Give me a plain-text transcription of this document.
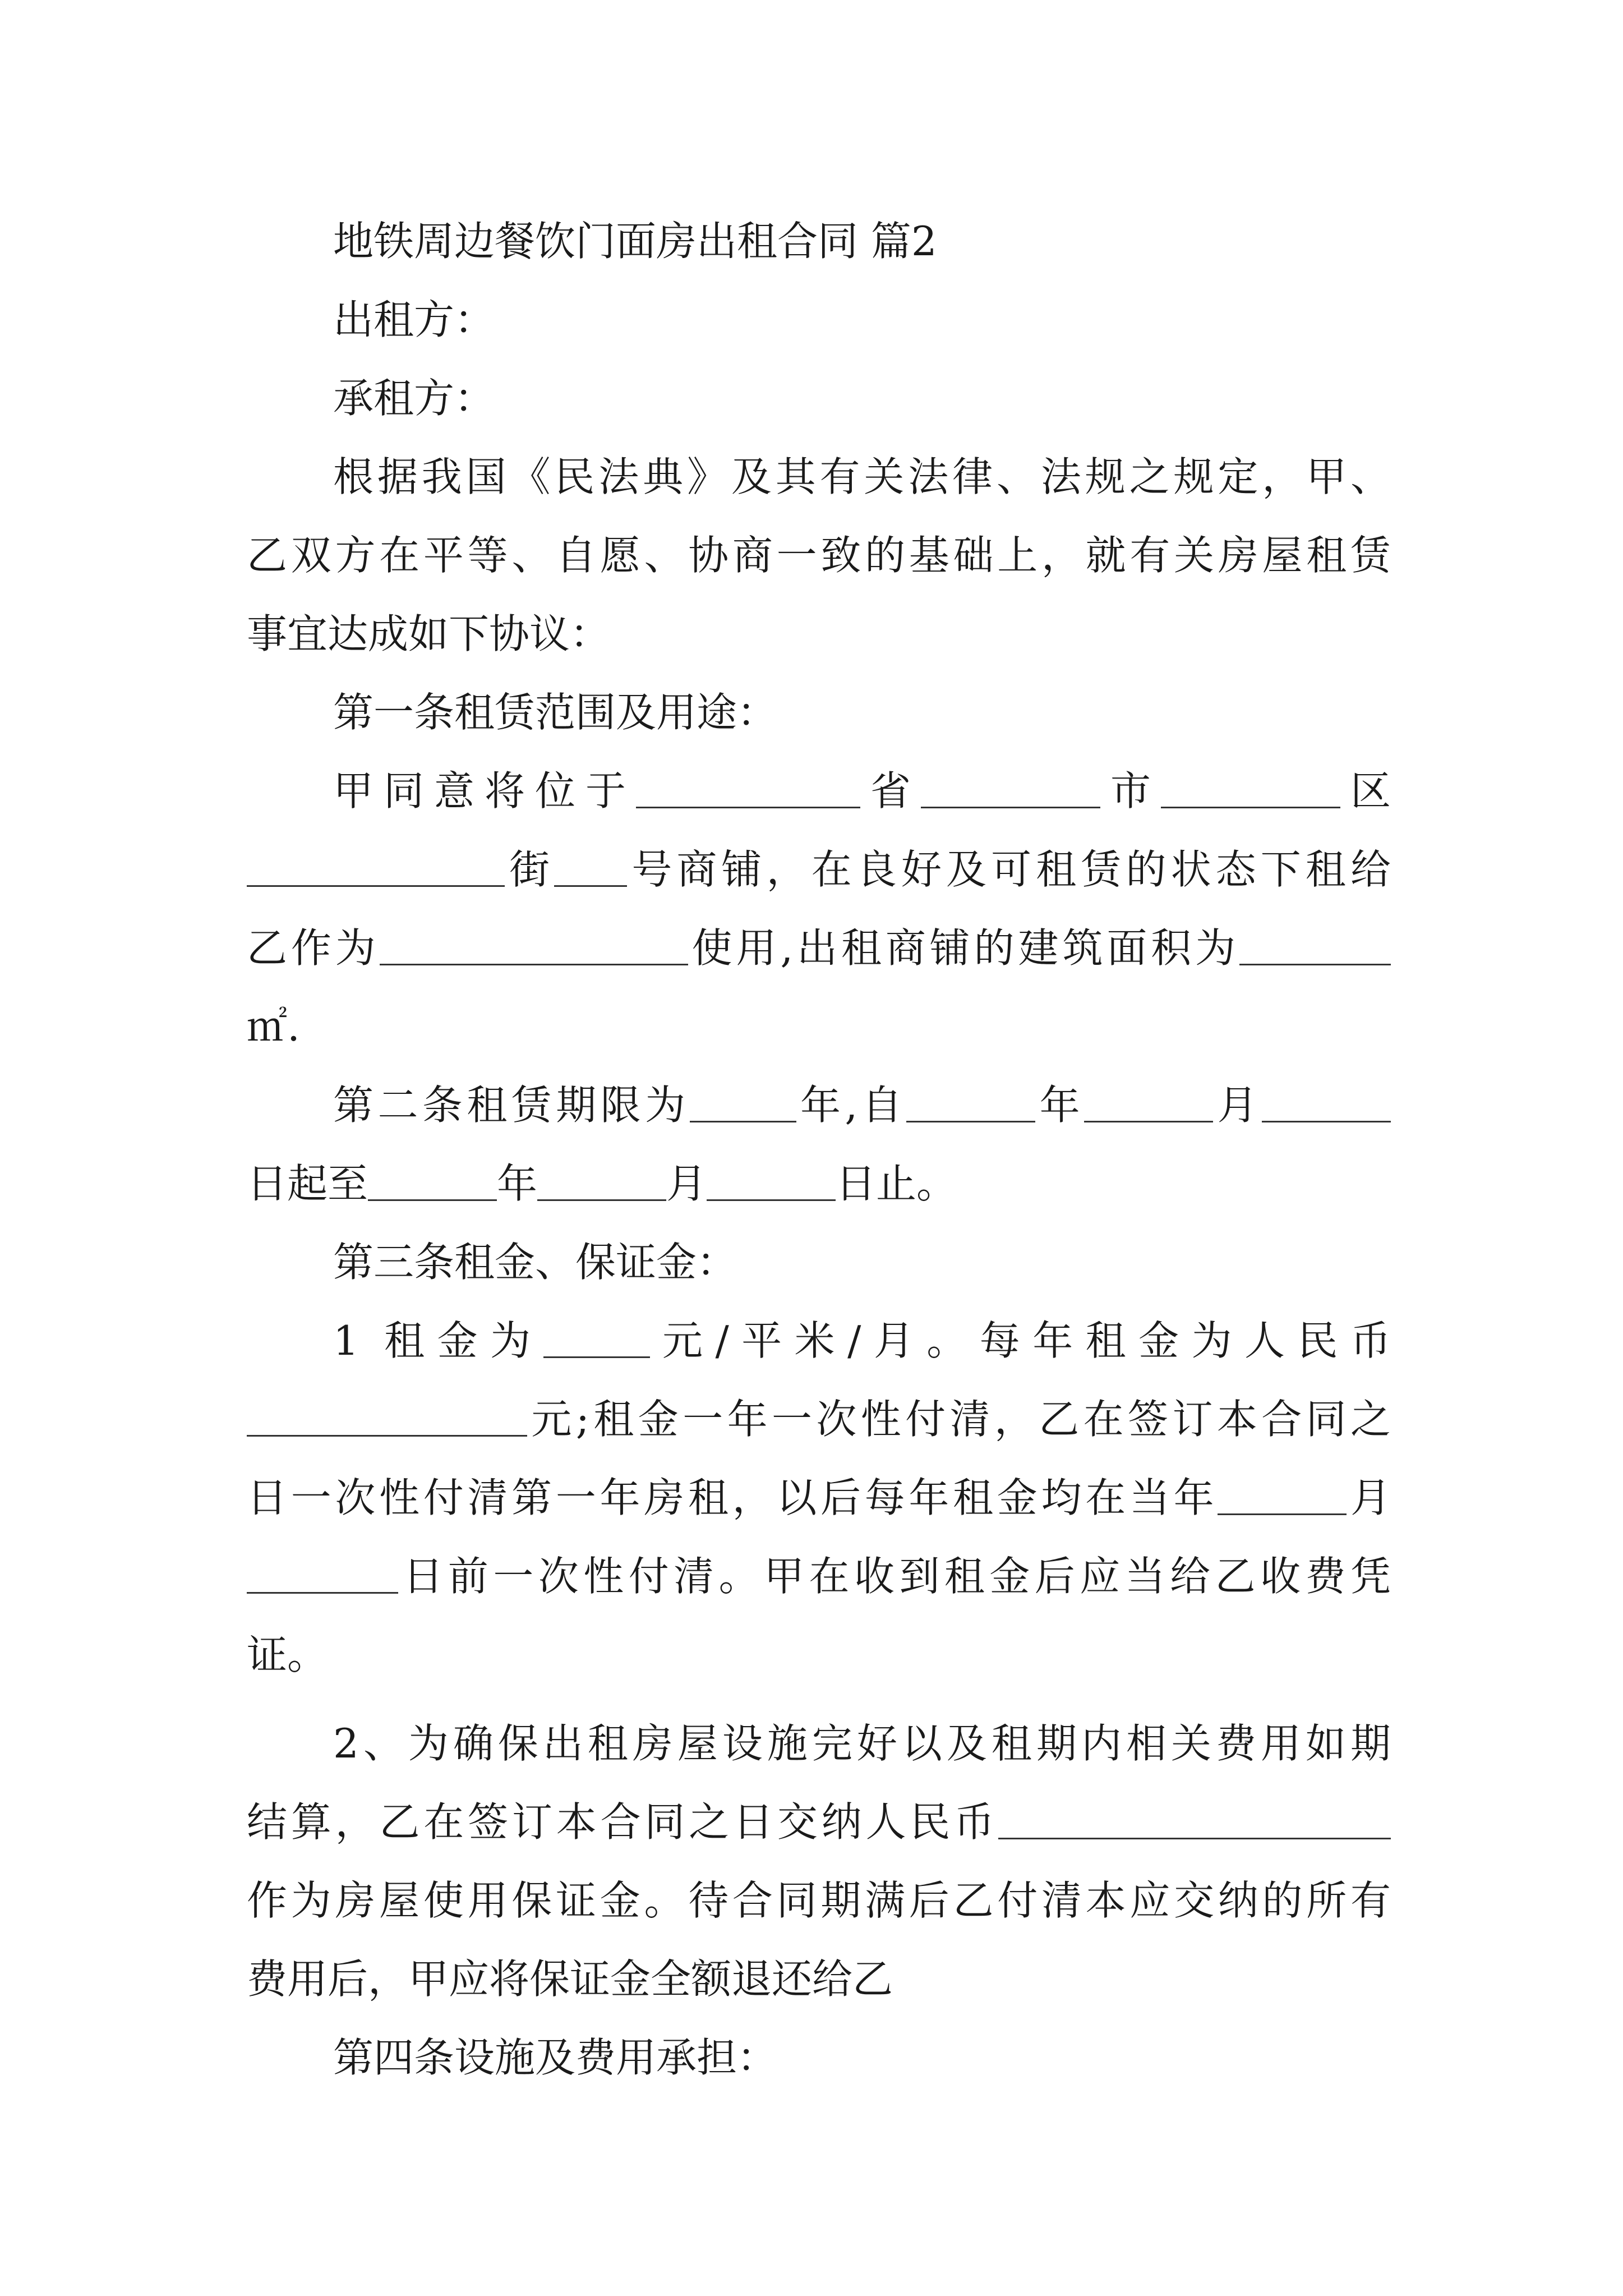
地铁周边餐饮门面房出租合同 篇2

出租方：

承租方：

根据我国《民法典》及其有关法律、法规之规定，甲、

乙双方在平等、自愿、协商一致的基础上，就有关房屋租赁

事宜达成如下协议：

第一条租赁范围及用途：

甲同意将位于	省	市	区

街 号商铺，在良好及可租赁的状态下租给

乙作为	使用,出租商铺的建筑面积为

㎡.

第二条租赁期限为	年,自	年	月

日起至	年	月	日止。

第三条租金、保证金：

1 租金为	元/平米/月。每年租金为人民币

元;租金一年一次性付清，乙在签订本合同之

日一次性付清第一年房租，以后每年租金均在当年	月

日前一次性付清。甲在收到租金后应当给乙收费凭

证。

2、为确保出租房屋设施完好以及租期内相关费用如期

结算，乙在签订本合同之日交纳人民币

作为房屋使用保证金。待合同期满后乙付清本应交纳的所有

费用后，甲应将保证金全额退还给乙

第四条设施及费用承担：
